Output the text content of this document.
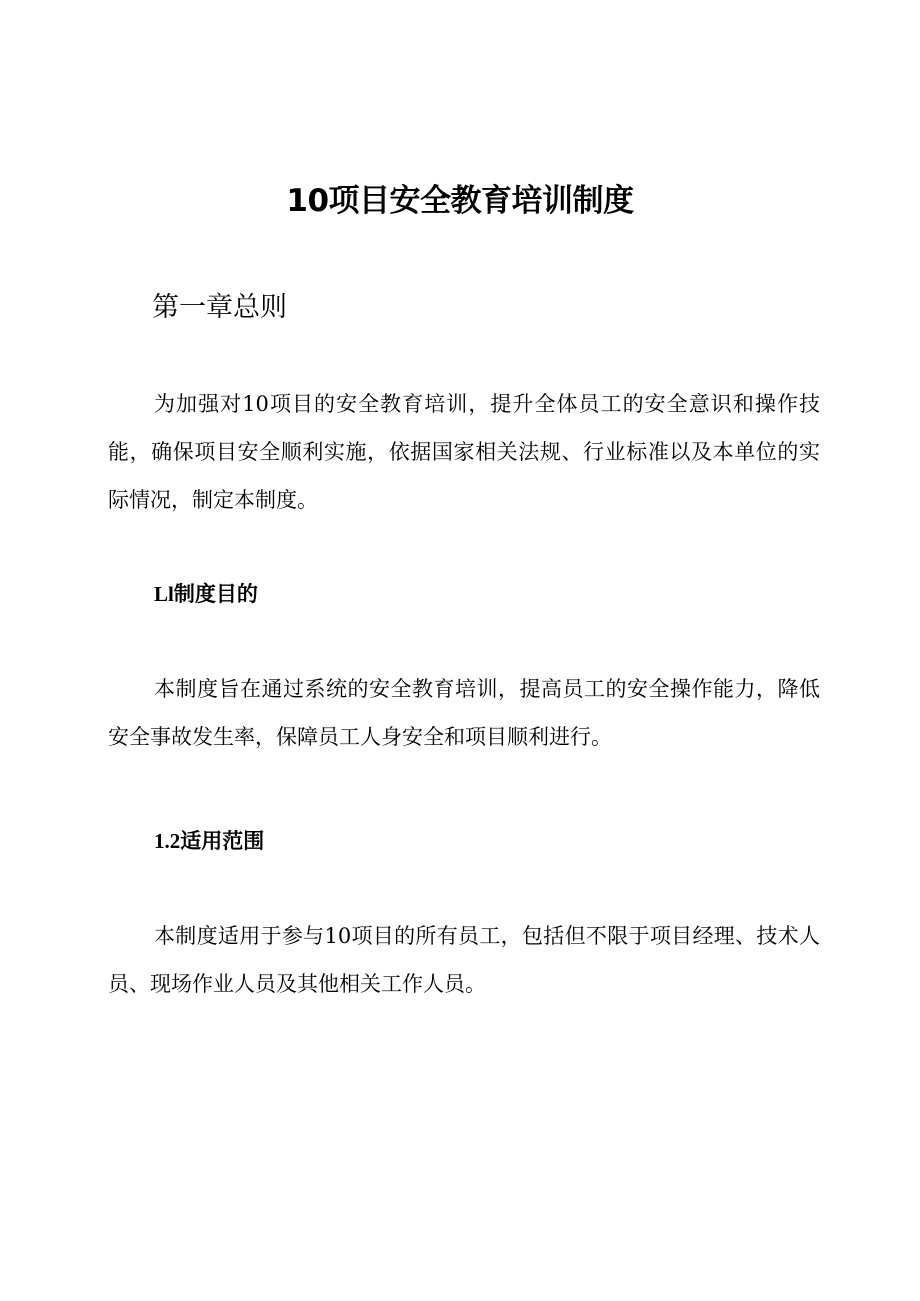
10项目安全教育培训制度
第一章总则

为加强对10项目的安全教育培训，提升全体员工的安全意识和操作技能，确保项目安全顺利实施，依据国家相关法规、行业标准以及本单位的实际情况，制定本制度。

Ll制度目的

本制度旨在通过系统的安全教育培训，提高员工的安全操作能力，降低安全事故发生率，保障员工人身安全和项目顺利进行。

1.2适用范围

本制度适用于参与10项目的所有员工，包括但不限于项目经理、技术人员、现场作业人员及其他相关工作人员。
